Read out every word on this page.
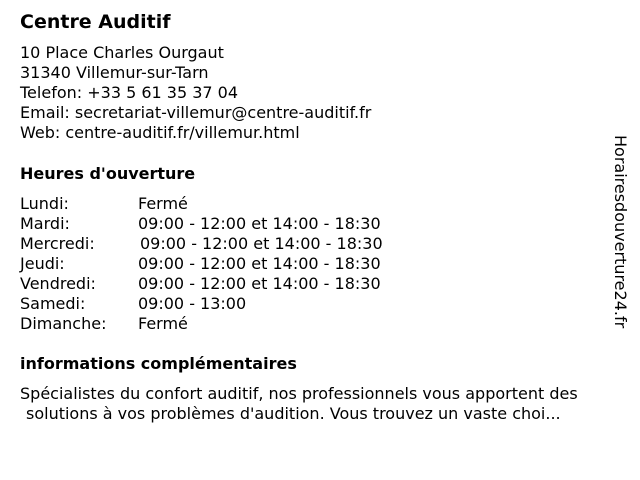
Centre Auditif
10 Place Charles Ourgaut
31340 Villemur-sur-Tarn
Telefon: +33 5 61 35 37 04
Email: secretariat-villemur@centre-auditif.fr
Web: centre-auditif.fr/villemur.html
Heures d'ouverture
Lundi:	Fermé
Mardi:	09:00 - 12:00 et 14:00 - 18:30
Mercredi:	09:00 - 12:00 et 14:00 - 18:30
Jeudi:	09:00 - 12:00 et 14:00 - 18:30
Vendredi:	09:00 - 12:00 et 14:00 - 18:30
Samedi:	09:00 - 13:00
Dimanche: Fermé
informations complémentaires
Spécialistes du confort auditif, nos professionnels vous apportent des
solutions à vos problèmes d'audition. Vous trouvez un vaste choi...
Horairesdouverture24.fr
